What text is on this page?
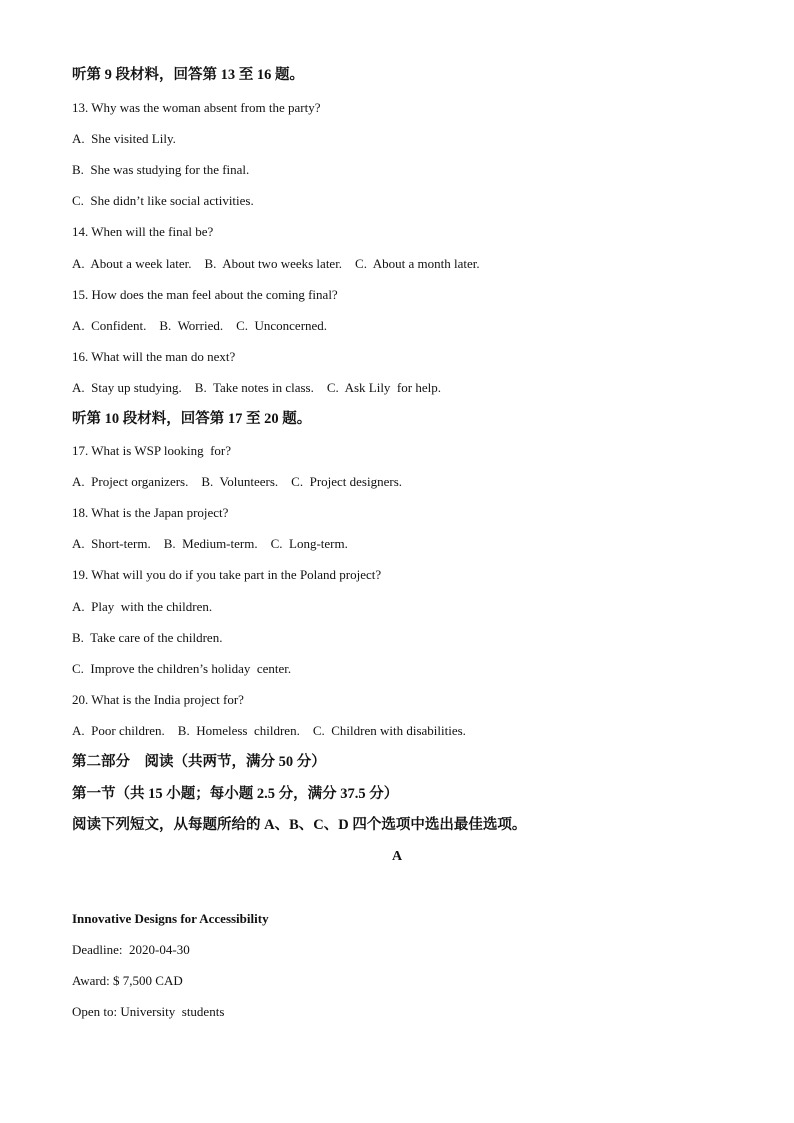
听第 9 段材料，回答第 13 至 16 题。
13. Why was the woman absent from the party?
A.  She visited Lily.
B.  She was studying for the final.
C.  She didn’t like social activities.
14. When will the final be?
A.  About a week later.    B.  About two weeks later.    C.  About a month later.
15. How does the man feel about the coming final?
A.  Confident.    B.  Worried.    C.  Unconcerned.
16. What will the man do next?
A.  Stay up studying.    B.  Take notes in class.    C.  Ask Lily  for help.
听第 10 段材料，回答第 17 至 20 题。
17. What is WSP looking  for?
A.  Project organizers.    B.  Volunteers.    C.  Project designers.
18. What is the Japan project?
A.  Short-term.    B.  Medium-term.    C.  Long-term.
19. What will you do if you take part in the Poland project?
A.  Play  with the children.
B.  Take care of the children.
C.  Improve the children’s holiday  center.
20. What is the India project for?
A.  Poor children.    B.  Homeless  children.    C.  Children with disabilities.
第二部分    阅读（共两节，满分 50 分）
第一节（共 15 小题；每小题 2.5 分，满分 37.5 分）
阅读下列短文，从每题所给的 A、B、C、D 四个选项中选出最佳选项。
A
Innovative Designs for Accessibility
Deadline:  2020-04-30
Award: $ 7,500 CAD
Open to: University  students
